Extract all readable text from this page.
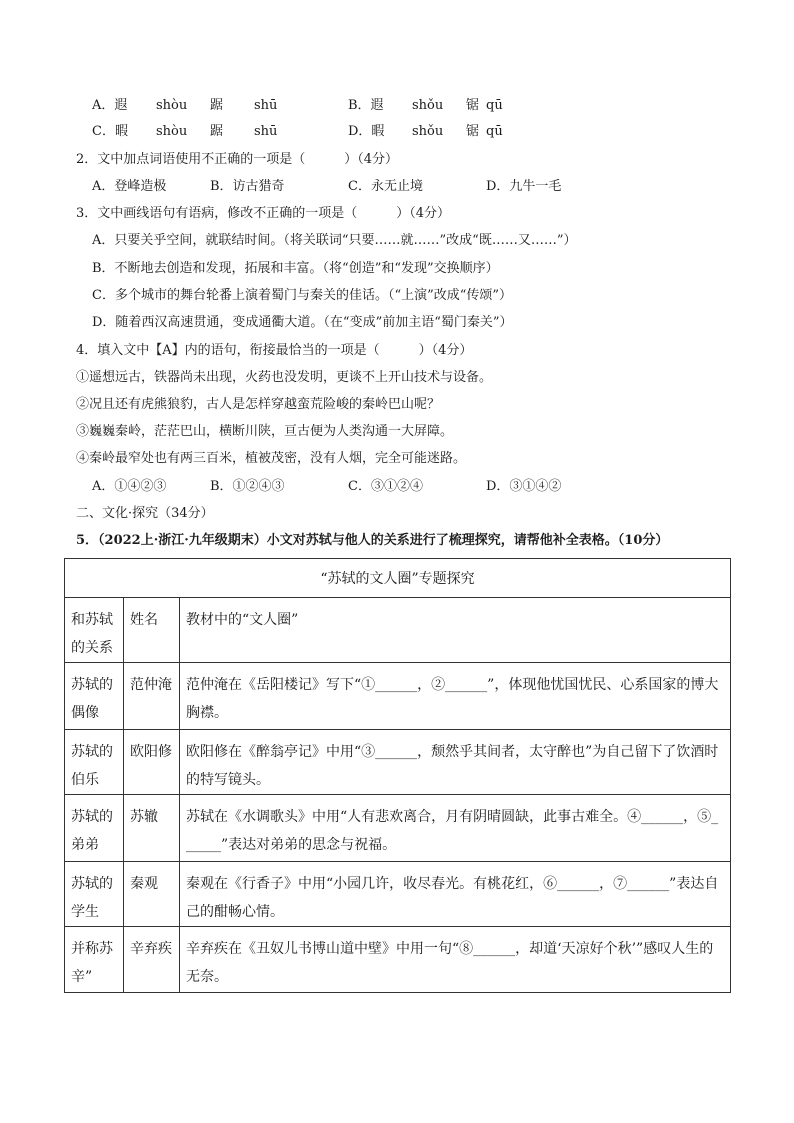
A．遐 shòu 踞 shū	B．遐 shǒu 锯 qū
C．暇 shòu 踞 shū	D．暇 shǒu 锯 qū
2．文中加点词语使用不正确的一项是（　　　）（4分）
A．登峰造极	B．访古猎奇	C．永无止境	D．九牛一毛
3．文中画线语句有语病，修改不正确的一项是（　　　）（4分）
A．只要关乎空间，就联结时间。（将关联词“只要……就……”改成“既……又……”）
B．不断地去创造和发现，拓展和丰富。（将“创造”和“发现”交换顺序）
C．多个城市的舞台轮番上演着蜀门与秦关的佳话。（“上演”改成“传颂”）
D．随着西汉高速贯通，变成通衢大道。（在“变成”前加主语“蜀门秦关”）
4．填入文中【A】内的语句，衔接最恰当的一项是（　　　）（4分）
①遥想远古，铁器尚未出现，火药也没发明，更谈不上开山技术与设备。
②况且还有虎熊狼豹，古人是怎样穿越蛮荒险峻的秦岭巴山呢？
③巍巍秦岭，茫茫巴山，横断川陕，亘古便为人类沟通一大屏障。
④秦岭最窄处也有两三百米，植被茂密，没有人烟，完全可能迷路。
A．①④②③	B．①②④③	C．③①②④	D．③①④②
二、文化·探究（34分）
5．（2022上·浙江·九年级期末）小文对苏轼与他人的关系进行了梳理探究，请帮他补全表格。（10分）
“苏轼的文人圈”专题探究		
和苏轼的关系	姓名	教材中的“文人圈”
苏轼的偶像	范仲淹	范仲淹在《岳阳楼记》写下“①______，②______”，体现他忧国忧民、心系国家的博大胸襟。
苏轼的伯乐	欧阳修	欧阳修在《醉翁亭记》中用“③______，颓然乎其间者，太守醉也”为自己留下了饮酒时的特写镜头。
苏轼的弟弟	苏辙	苏轼在《水调歌头》中用“人有悲欢离合，月有阴晴圆缺，此事古难全。④______，⑤______”表达对弟弟的思念与祝福。
苏轼的学生	秦观	秦观在《行香子》中用“小园几许，收尽春光。有桃花红，⑥______，⑦______”表达自己的酣畅心情。
并称苏辛”	辛弃疾	辛弃疾在《丑奴儿书博山道中壁》中用一句“⑧______，却道‘天凉好个秋’”感叹人生的无奈。
